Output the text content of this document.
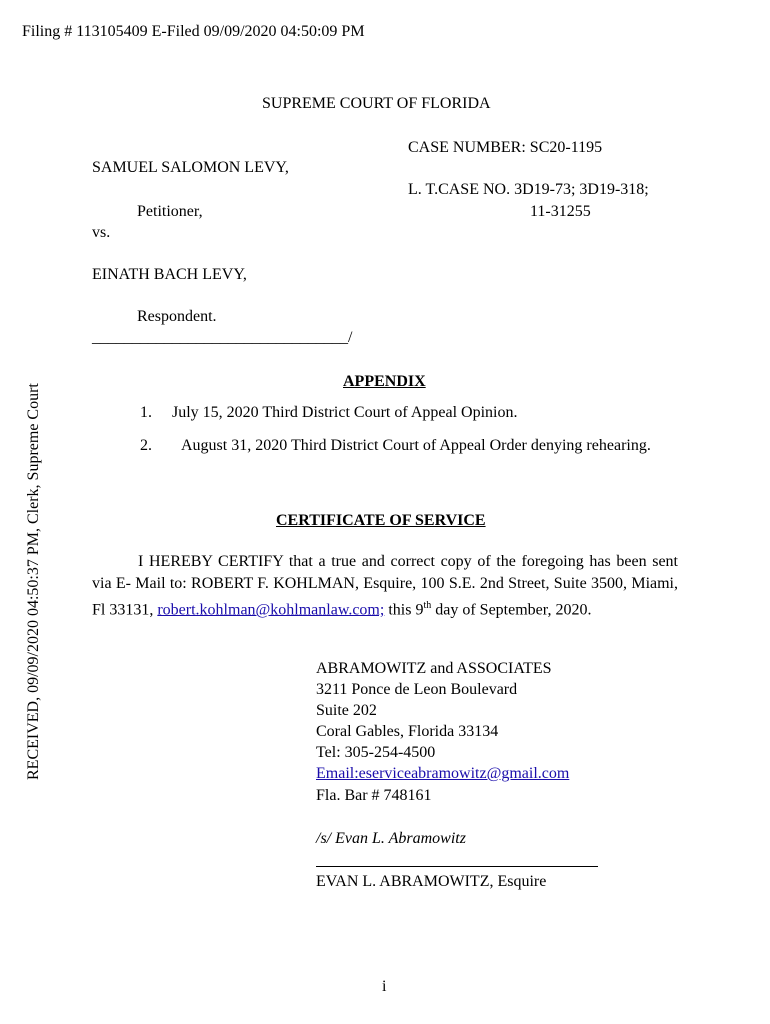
Filing # 113105409 E-Filed 09/09/2020 04:50:09 PM
RECEIVED, 09/09/2020 04:50:37 PM, Clerk, Supreme Court
SUPREME COURT OF FLORIDA
CASE NUMBER: SC20-1195
SAMUEL SALOMON LEVY,
L. T.CASE NO. 3D19-73; 3D19-318;
Petitioner,	11-31255
vs.
EINATH BACH LEVY,
Respondent.
________________________________/
APPENDIX
1. July 15, 2020 Third District Court of Appeal Opinion.
2. August 31, 2020 Third District Court of Appeal Order denying rehearing.
CERTIFICATE OF SERVICE

I HEREBY CERTIFY that a true and correct copy of the foregoing has been sent via E- Mail to: ROBERT F. KOHLMAN, Esquire, 100 S.E. 2nd Street, Suite 3500, Miami, Fl 33131, robert.kohlman@kohlmanlaw.com; this 9th day of September, 2020.

ABRAMOWITZ and ASSOCIATES
3211 Ponce de Leon Boulevard
Suite 202
Coral Gables, Florida 33134
Tel: 305-254-4500
Email:eserviceabramowitz@gmail.com
Fla. Bar # 748161
/s/ Evan L. Abramowitz
EVAN L. ABRAMOWITZ, Esquire
i
